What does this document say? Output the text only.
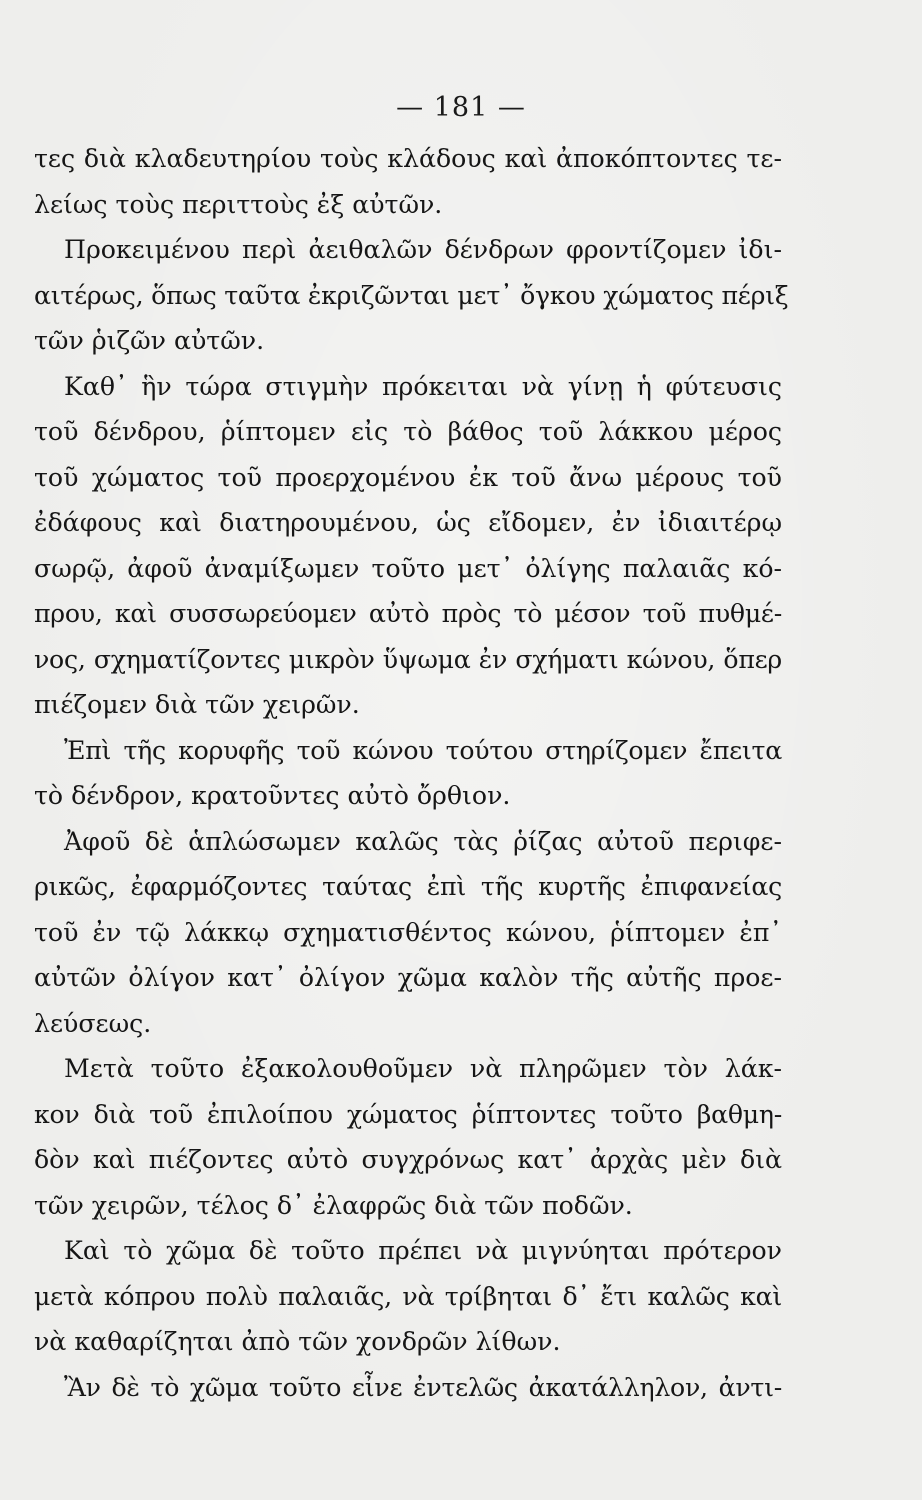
— 181 —
τες διὰ κλαδευτηρίου τοὺς κλάδους καὶ ἀποκόπτοντες τε-
λείως τοὺς περιττοὺς ἐξ αὐτῶν.
Προκειμένου περὶ ἀειθαλῶν δένδρων φροντίζομεν ἰδι-
αιτέρως, ὅπως ταῦτα ἐκριζῶνται μετ᾽ ὄγκου χώματος πέριξ
τῶν ῥιζῶν αὐτῶν.
Καθ᾽ ἣν τώρα στιγμὴν πρόκειται νὰ γίνῃ ἡ φύτευσις
τοῦ δένδρου, ῥίπτομεν εἰς τὸ βάθος τοῦ λάκκου μέρος
τοῦ χώματος τοῦ προερχομένου ἐκ τοῦ ἄνω μέρους τοῦ
ἐδάφους καὶ διατηρουμένου, ὡς εἴδομεν, ἐν ἰδιαιτέρῳ
σωρῷ, ἀφοῦ ἀναμίξωμεν τοῦτο μετ᾽ ὀλίγης παλαιᾶς κό-
πρου, καὶ συσσωρεύομεν αὐτὸ πρὸς τὸ μέσον τοῦ πυθμέ-
νος, σχηματίζοντες μικρὸν ὕψωμα ἐν σχήματι κώνου, ὅπερ
πιέζομεν διὰ τῶν χειρῶν.
Ἐπὶ τῆς κορυφῆς τοῦ κώνου τούτου στηρίζομεν ἔπειτα
τὸ δένδρον, κρατοῦντες αὐτὸ ὄρθιον.
Ἀφοῦ δὲ ἁπλώσωμεν καλῶς τὰς ῥίζας αὐτοῦ περιφε-
ρικῶς, ἐφαρμόζοντες ταύτας ἐπὶ τῆς κυρτῆς ἐπιφανείας
τοῦ ἐν τῷ λάκκῳ σχηματισθέντος κώνου, ῥίπτομεν ἐπ᾽
αὐτῶν ὀλίγον κατ᾽ ὀλίγον χῶμα καλὸν τῆς αὐτῆς προε-
λεύσεως.
Μετὰ τοῦτο ἐξακολουθοῦμεν νὰ πληρῶμεν τὸν λάκ-
κον διὰ τοῦ ἐπιλοίπου χώματος ῥίπτοντες τοῦτο βαθμη-
δὸν καὶ πιέζοντες αὐτὸ συγχρόνως κατ᾽ ἀρχὰς μὲν διὰ
τῶν χειρῶν, τέλος δ᾽ ἐλαφρῶς διὰ τῶν ποδῶν.
Καὶ τὸ χῶμα δὲ τοῦτο πρέπει νὰ μιγνύηται πρότερον
μετὰ κόπρου πολὺ παλαιᾶς, νὰ τρίβηται δ᾽ ἔτι καλῶς καὶ
νὰ καθαρίζηται ἀπὸ τῶν χονδρῶν λίθων.
Ἂν δὲ τὸ χῶμα τοῦτο εἶνε ἐντελῶς ἀκατάλληλον, ἀντι-
